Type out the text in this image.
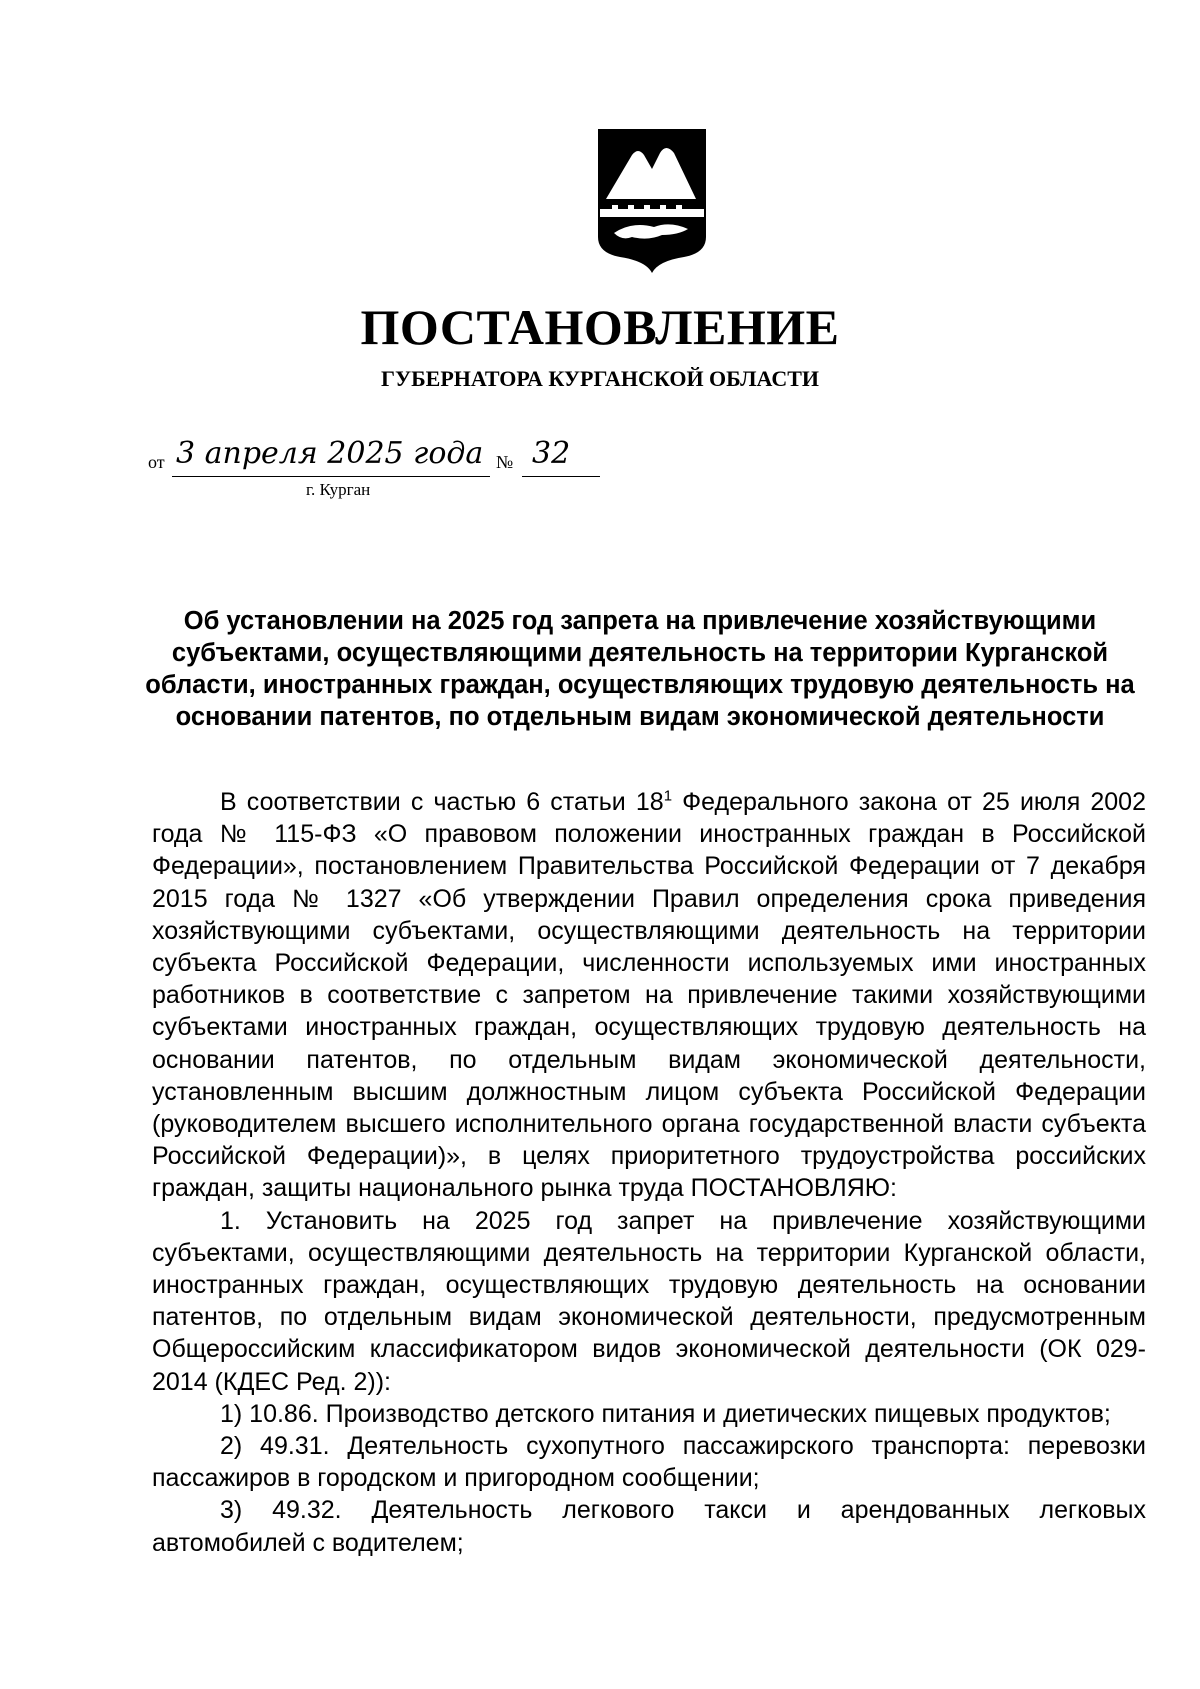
ПОСТАНОВЛЕНИЕ
ГУБЕРНАТОРА КУРГАНСКОЙ ОБЛАСТИ
от 3 апреля 2025 года № 32
г. Курган
Об установлении на 2025 год запрета на привлечение хозяйствующими субъектами, осуществляющими деятельность на территории Курганской области, иностранных граждан, осуществляющих трудовую деятельность на основании патентов, по отдельным видам экономической деятельности

В соответствии с частью 6 статьи $18^1$ Федерального закона от 25 июля 2002 года № 115-ФЗ «О правовом положении иностранных граждан в Российской Федерации», постановлением Правительства Российской Федерации от 7 декабря 2015 года № 1327 «Об утверждении Правил определения срока приведения хозяйствующими субъектами, осуществляющими деятельность на территории субъекта Российской Федерации, численности используемых ими иностранных работников в соответствие с запретом на привлечение такими хозяйствующими субъектами иностранных граждан, осуществляющих трудовую деятельность на основании патентов, по отдельным видам экономической деятельности, установленным высшим должностным лицом субъекта Российской Федерации (руководителем высшего исполнительного органа государственной власти субъекта Российской Федерации)», в целях приоритетного трудоустройства российских граждан, защиты национального рынка труда ПОСТАНОВЛЯЮ:

1. Установить на 2025 год запрет на привлечение хозяйствующими субъектами, осуществляющими деятельность на территории Курганской области, иностранных граждан, осуществляющих трудовую деятельность на основании патентов, по отдельным видам экономической деятельности, предусмотренным Общероссийским классификатором видов экономической деятельности (ОК 029-2014 (КДЕС Ред. 2)):

1) 10.86. Производство детского питания и диетических пищевых продуктов;

2) 49.31. Деятельность сухопутного пассажирского транспорта: перевозки пассажиров в городском и пригородном сообщении;

3) 49.32. Деятельность легкового такси и арендованных легковых автомобилей с водителем;
